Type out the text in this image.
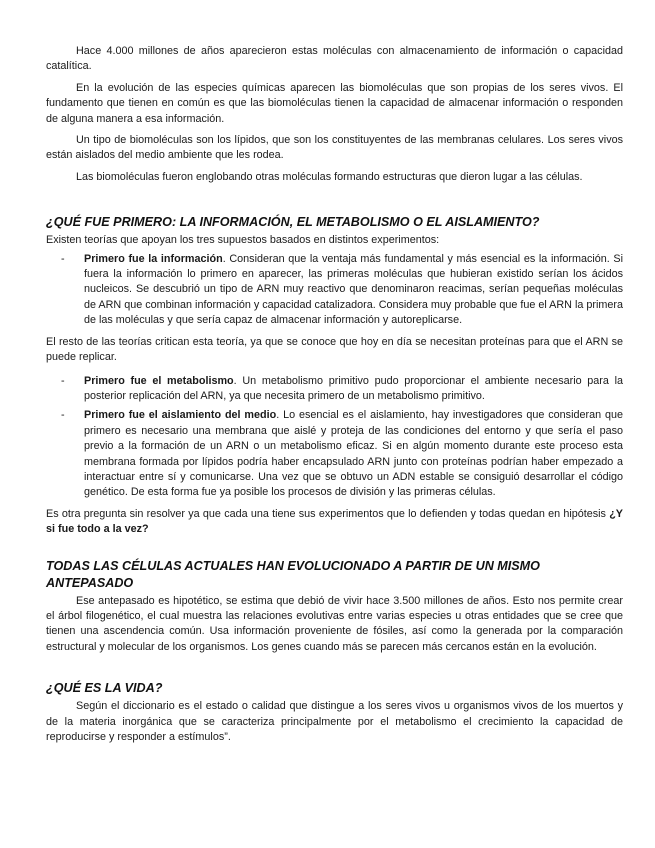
Hace 4.000 millones de años aparecieron estas moléculas con almacenamiento de información o capacidad catalítica.

En la evolución de las especies químicas aparecen las biomoléculas que son propias de los seres vivos. El fundamento que tienen en común es que las biomoléculas tienen la capacidad de almacenar información o responden de alguna manera a esa información.

Un tipo de biomoléculas son los lípidos, que son los constituyentes de las membranas celulares. Los seres vivos están aislados del medio ambiente que les rodea.

Las biomoléculas fueron englobando otras moléculas formando estructuras que dieron lugar a las células.

¿QUÉ FUE PRIMERO: LA INFORMACIÓN, EL METABOLISMO O EL AISLAMIENTO?

Existen teorías que apoyan los tres supuestos basados en distintos experimentos:

- Primero fue la información. Consideran que la ventaja más fundamental y más esencial es la información. Si fuera la información lo primero en aparecer, las primeras moléculas que hubieran existido serían los ácidos nucleicos. Se descubrió un tipo de ARN muy reactivo que denominaron reacimas, serían pequeñas moléculas de ARN que combinan información y capacidad catalizadora. Considera muy probable que fue el ARN la primera de las moléculas y que sería capaz de almacenar información y autoreplicarse.

El resto de las teorías critican esta teoría, ya que se conoce que hoy en día se necesitan proteínas para que el ARN se puede replicar.

- Primero fue el metabolismo. Un metabolismo primitivo pudo proporcionar el ambiente necesario para la posterior replicación del ARN, ya que necesita primero de un metabolismo primitivo.
- Primero fue el aislamiento del medio. Lo esencial es el aislamiento, hay investigadores que consideran que primero es necesario una membrana que aislé y proteja de las condiciones del entorno y que sería el paso previo a la formación de un ARN o un metabolismo eficaz. Si en algún momento durante este proceso esta membrana formada por lípidos podría haber encapsulado ARN junto con proteínas podrían haber empezado a interactuar entre sí y comunicarse. Una vez que se obtuvo un ADN estable se consiguió desarrollar el código genético. De esta forma fue ya posible los procesos de división y las primeras células.

Es otra pregunta sin resolver ya que cada una tiene sus experimentos que lo defienden y todas quedan en hipótesis ¿Y si fue todo a la vez?

TODAS LAS CÉLULAS ACTUALES HAN EVOLUCIONADO A PARTIR DE UN MISMO ANTEPASADO

Ese antepasado es hipotético, se estima que debió de vivir hace 3.500 millones de años. Esto nos permite crear el árbol filogenético, el cual muestra las relaciones evolutivas entre varias especies u otras entidades que se cree que tienen una ascendencia común. Usa información proveniente de fósiles, así como la generada por la comparación estructural y molecular de los organismos. Los genes cuando más se parecen más cercanos están en la evolución.

¿QUÉ ES LA VIDA?

Según el diccionario es el estado o calidad que distingue a los seres vivos u organismos vivos de los muertos y de la materia inorgánica que se caracteriza principalmente por el metabolismo el crecimiento la capacidad de reproducirse y responder a estímulos”.
